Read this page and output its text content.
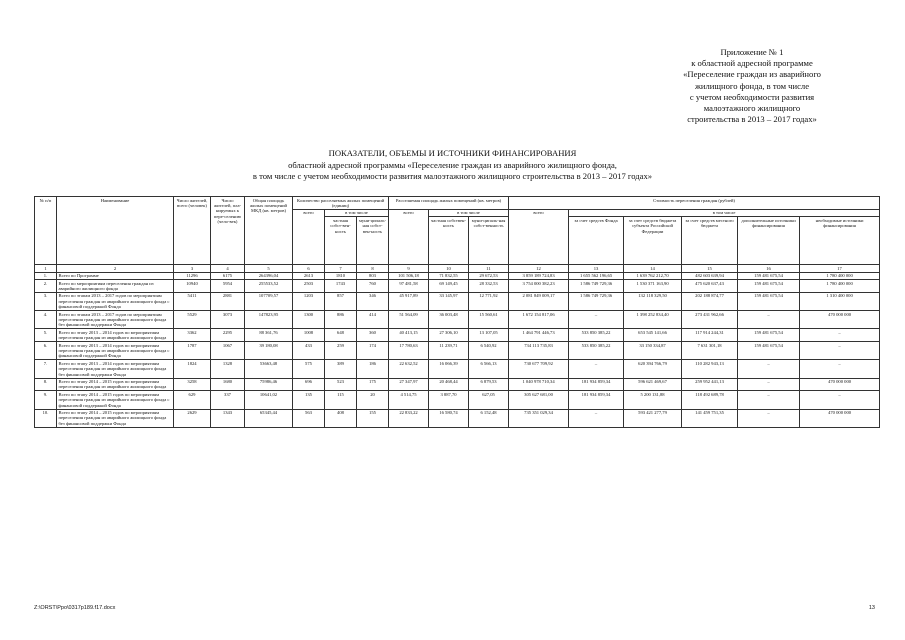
Приложение № 1
к областной адресной программе
«Переселение граждан из аварийного
жилищного фонда, в том числе
с учетом необходимости развития
малоэтажного жилищного
строительства в 2013 – 2017 годах»
ПОКАЗАТЕЛИ, ОБЪЕМЫ И ИСТОЧНИКИ ФИНАНСИРОВАНИЯ
областной адресной программы «Переселение граждан из аварийного жилищного фонда,
в том числе с учетом необходимости развития малоэтажного жилищного строительства в 2013 – 2017 годах»
№ п/п	Наименование	Число жителей, всего (человек)	Число жителей, пла-нируемых к пере-селению (чело-век)	Общая площадь жилых помещений МКД (кв. метров)	Количество расселяемых жилых помещений (единиц)			Расселяемая площадь жилых помещений (кв. метров)			Стоимость переселения граждан (рублей)					
					всего	в том числе		всего	в том числе		всего	в том числе				
						частная собст-вен-ность	муни-ципаль-ная собст-вен-ность		частная собствен-ность	муни-ципаль-ная собст-венность		за счет средств Фонда	за счет средств бюджета субъекта Российской Федерации	за счет средств местного бюджета	дополнительные источники финансирования	необходимые источники финансирования
1	2	3	4	5	6	7	8	9	10	11	12	13	14	15	16	17
1.	Всего по Программе	11296	6175	264396,04	2613	1810	803	101 506,18	71 832,55	29 672,53	3 859 189 724,83	1 655 562 196,65	1 639 762 212,70	482 603 639,94	159 481 675,54	1 780 400 000
2.	Всего по мероприятиям переселения граждан из аварийного жилищного фонда	10940	5954	255533,52	2503	1743	760	97 481,58	69 149,45	28 332,53	3 754 000 382,23	1 586 749 729,36	1 530 371 163,90	475 620 637,43	159 481 675,54	1 780 400 000
3.	Всего по этапам 2013 – 2017 годов по мероприятиям переселения граждан из аварийного жилищного фонда с финансовой поддержкой Фонда	5411	2881	107709,57	1203	857	346	45 917,89	33 145,97	12 771,92	2 081 849 009,17	1 586 749 729,36	132 118 329,50	202 188 874,77	159 481 675,54	1 310 400 000
4.	Всего по этапам 2013 – 2017 годов по мероприятиям переселения граждан из аварийного жилищного фонда без финансовой поддержки Фонда	5529	3073	147823,95	1300	886	414	51 564,09	36 003,48	15 560,61	1 672 154 817,06	–	1 398 252 834,40	273 431 962,66	–	470 000 000
5.	Всего по этапу 2013 – 2014 годов по мероприятиям переселения граждан из аварийного жилищного фонда	3362	2295	88 361,76	1008	648	360	40 413,15	27 306,10	13 107,05	1 464 791 446,73	533 850 385,22	653 545 141,66	117 914 244,31	159 481 675,54	–
6.	Всего по этапу 2013 – 2014 годов по мероприятиям переселения граждан из аварийного жилищного фонда с финансовой поддержкой Фонда	1787	1067	39 180,08	433	259	174	17 780,63	11 239,71	6 540,92	734 113 735,83	533 850 385,22	33 150 334,87	7 631 301,18	159 481 675,54	–
7.	Всего по этапу 2013 – 2014 годов по мероприятиям переселения граждан из аварийного жилищного фонда без финансовой поддержки Фонда	1824	1328	53663,48	575	389	186	22 632,52	16 066,39	6 566,13	730 677 709,92	–	620 394 766,79	110 282 943,13	–	–
8.	Всего по этапу 2014 – 2015 годов по мероприятиям переселения граждан из аварийного жилищного фонда	3258	1680	75986,46	696	523	175	27 347,97	20 468,44	6 879,53	1 040 978 710,34	181 934 859,34	596 621 469,67	259 952 441,13	–	470 000 000
9.	Всего по этапу 2014 – 2015 годов по мероприятиям переселения граждан из аварийного жилищного фонда с финансовой поддержкой Фонда	629	337	10641,02	135	115	20	4 514,75	3 887,70	627,05	305 627 681,00	181 934 859,34	5 200 131,88	118 492 689,78	–	–
10.	Всего по этапу 2014 – 2015 годов по мероприятиям переселения граждан из аварийного жилищного фонда без финансовой поддержки Фонда	2629	1343	65345,44	563	408	155	22 833,22	16 580,74	6 152,48	735 351 029,34	–	593 421 277,79	141 459 751,35	–	470 000 000
Z:\ORST\Ppo\0317p189.f17.docx	13
